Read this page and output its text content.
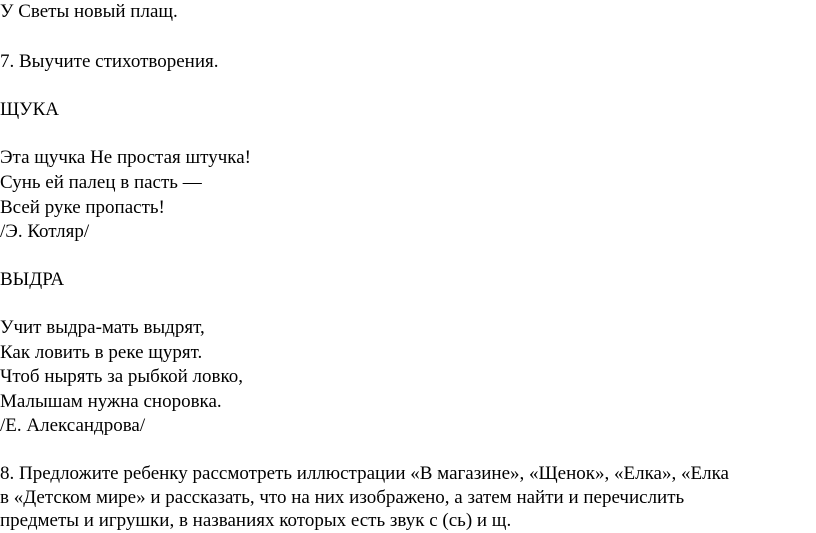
У Светы новый плащ.
7. Выучите стихотворения.
ЩУКА
Эта щучка Не простая штучка!
Сунь ей палец в пасть —
Всей руке пропасть!
/Э. Котляр/
ВЫДРА
Учит выдра-мать выдрят,
Как ловить в реке щурят.
Чтоб нырять за рыбкой ловко,
Малышам нужна сноровка.
/Е. Александрова/
8. Предложите ребенку рассмотреть иллюстрации «В магазине», «Щенок», «Елка», «Елка
в «Детском мире» и рассказать, что на них изображено, а затем найти и перечислить
предметы и игрушки, в названиях которых есть звук с (сь) и щ.
